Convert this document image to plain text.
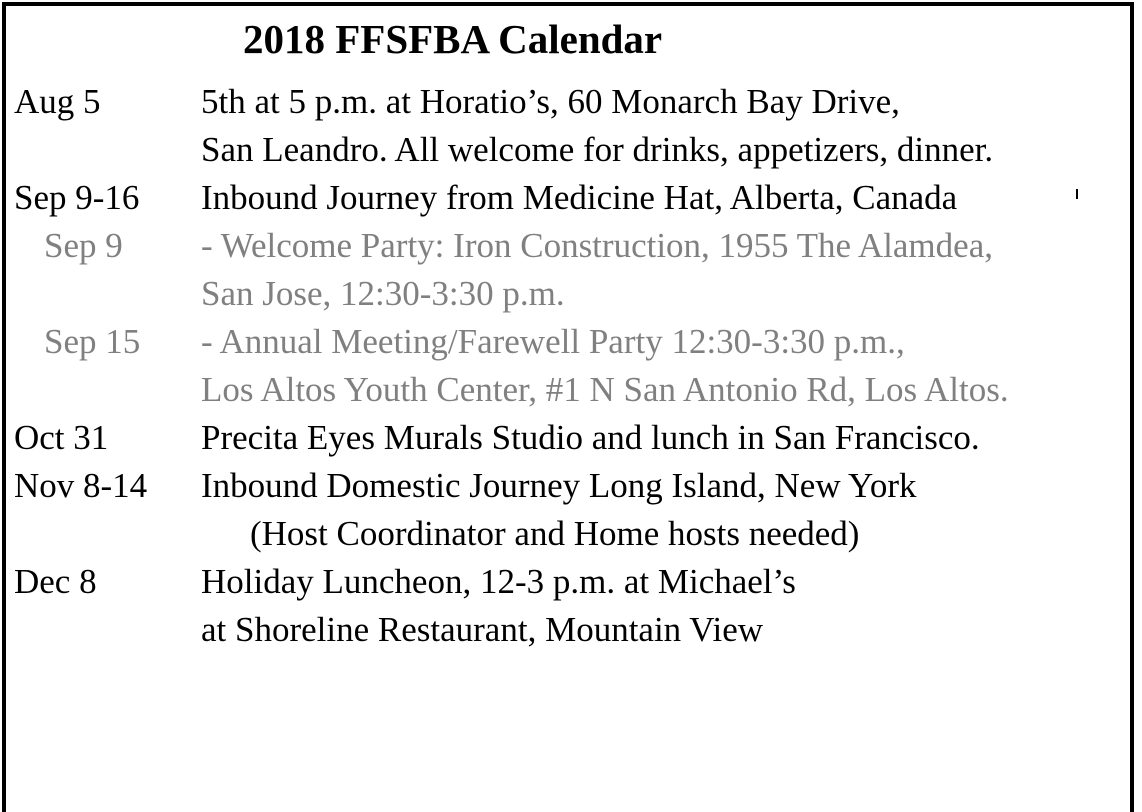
2018 FFSFBA Calendar
Aug 5	5th at 5 p.m. at Horatio’s, 60 Monarch Bay Drive,
San Leandro. All welcome for drinks, appetizers, dinner.
Sep 9-16 Inbound Journey from Medicine Hat, Alberta, Canada
Sep 9 - Welcome Party: Iron Construction, 1955 The Alamdea,
San Jose, 12:30-3:30 p.m.
Sep 15 - Annual Meeting/Farewell Party 12:30-3:30 p.m.,
Los Altos Youth Center, #1 N San Antonio Rd, Los Altos.
Oct 31	Precita Eyes Murals Studio and lunch in San Francisco.
Nov 8-14 Inbound Domestic Journey Long Island, New York
(Host Coordinator and Home hosts needed)
Dec 8	Holiday Luncheon, 12-3 p.m. at Michael’s
at Shoreline Restaurant, Mountain View
